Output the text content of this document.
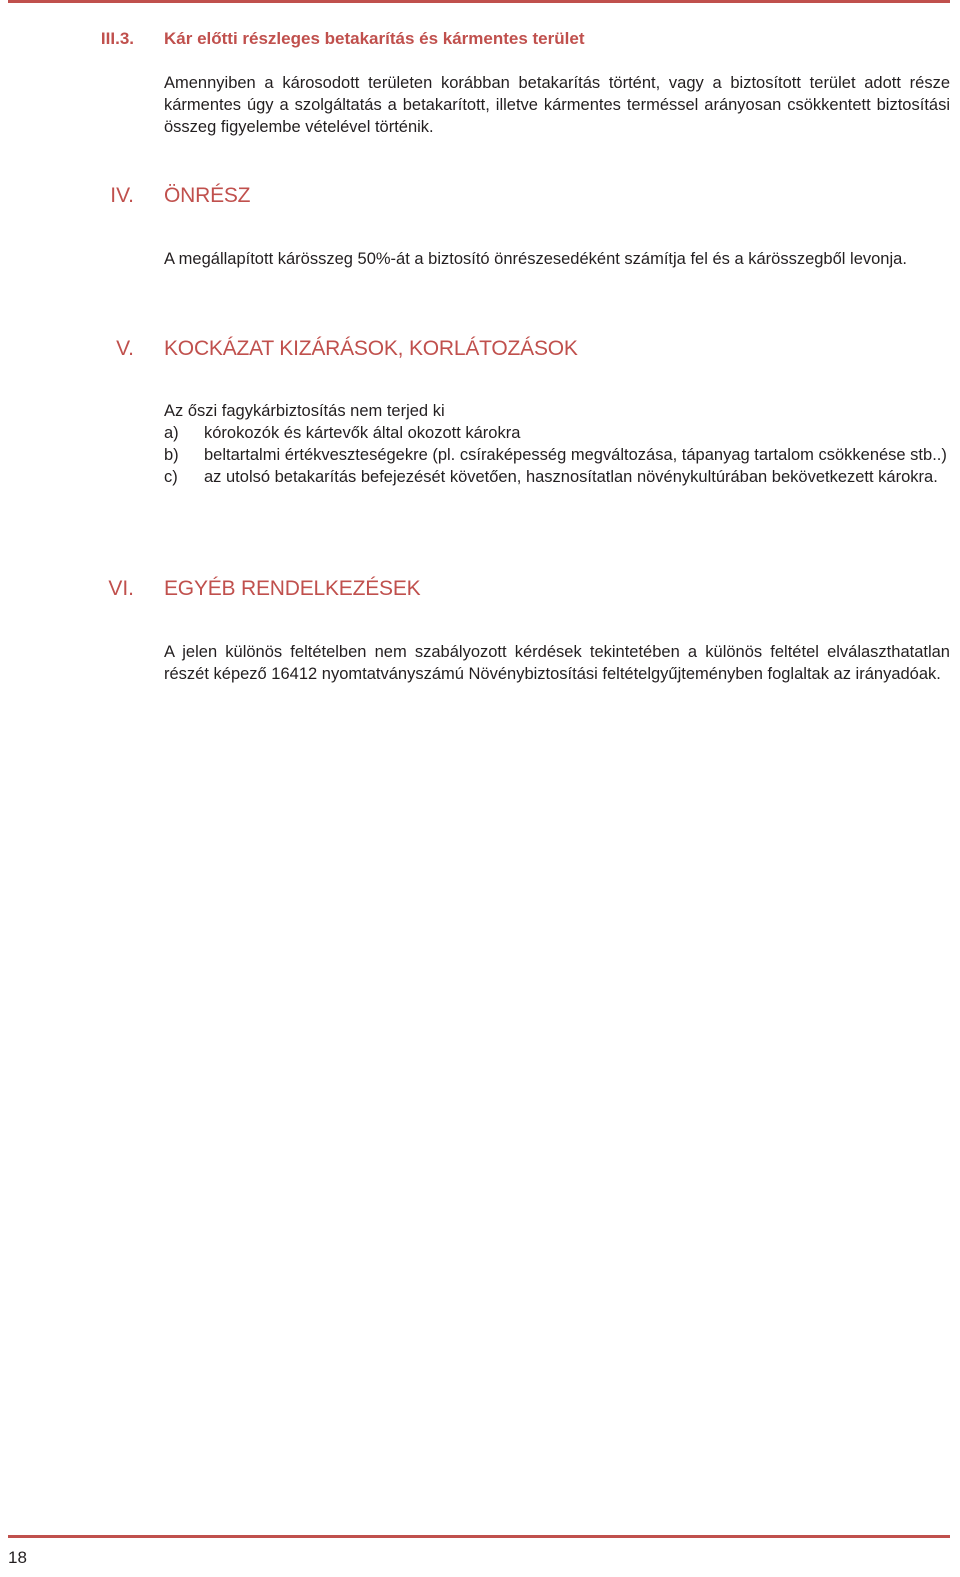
III.3. Kár előtti részleges betakarítás és kármentes terület

Amennyiben a károsodott területen korábban betakarítás történt, vagy a biztosított terület adott része kármentes úgy a szolgáltatás a betakarított, illetve kármentes terméssel arányosan csökkentett biztosítási összeg figyelembe vételével történik.

IV. ÖNRÉSZ

A megállapított kárösszeg 50%-át a biztosító önrészesedéként számítja fel és a kárösszegből levonja.

V. KOCKÁZAT KIZÁRÁSOK, KORLÁTOZÁSOK
Az őszi fagykárbiztosítás nem terjed ki
a)	kórokozók és kártevők által okozott károkra
b)	beltartalmi értékveszteségekre (pl. csíraképesség megváltozása, tápanyag tartalom csökkenése stb..)
c)	az utolsó betakarítás befejezését követően, hasznosítatlan növénykultúrában bekövetkezett károkra.
VI. EGYÉB RENDELKEZÉSEK

A jelen különös feltételben nem szabályozott kérdések tekintetében a különös feltétel elválaszthatatlan részét képező 16412 nyomtatványszámú Növénybiztosítási feltételgyűjteményben foglaltak az irányadóak.

18
